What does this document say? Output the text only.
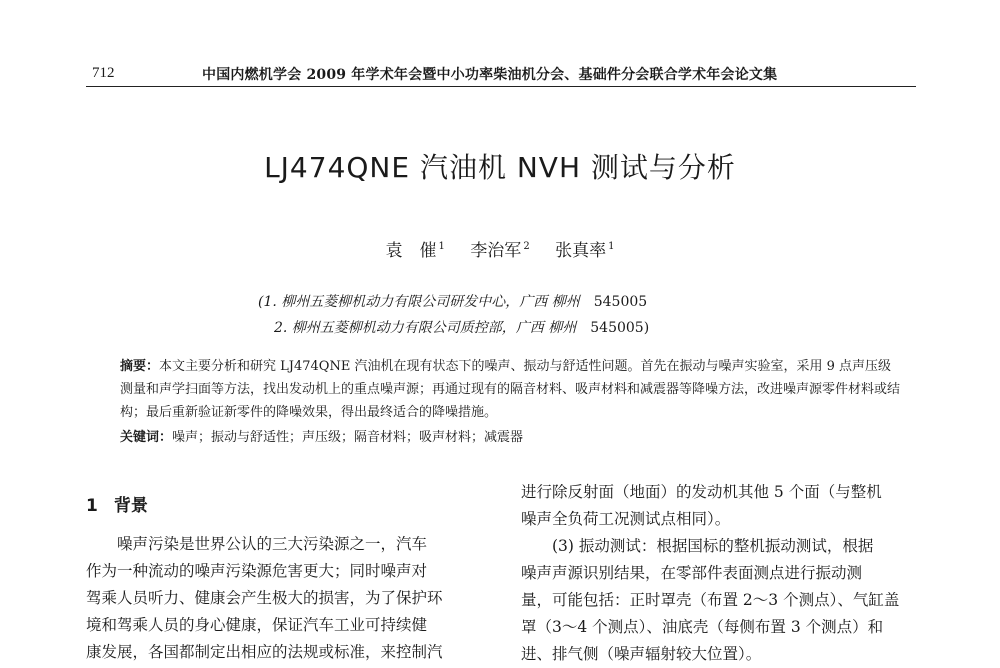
712	中国内燃机学会 2009 年学术年会暨中小功率柴油机分会、基础件分会联合学术年会论文集
LJ474QNE 汽油机 NVH 测试与分析
袁　催 $^1$ 李治军 $^2$ 张真率 $^1$
(1. 柳州五菱柳机动力有限公司研发中心，广西 柳州 545005
2. 柳州五菱柳机动力有限公司质控部，广西 柳州 545005)
摘要：本文主要分析和研究 LJ474QNE 汽油机在现有状态下的噪声、振动与舒适性问题。首先在振动与噪声实验室，采用 9 点声压级测量和声学扫面等方法，找出发动机上的重点噪声源；再通过现有的隔音材料、吸声材料和减震器等降噪方法，改进噪声源零件材料或结构；最后重新验证新零件的降噪效果，得出最终适合的降噪措施。
关键词：噪声；振动与舒适性；声压级；隔音材料；吸声材料；减震器
1 背景

噪声污染是世界公认的三大污染源之一，汽车

作为一种流动的噪声污染源危害更大；同时噪声对

驾乘人员听力、健康会产生极大的损害，为了保护环

境和驾乘人员的身心健康，保证汽车工业可持续健

康发展，各国都制定出相应的法规或标准，来控制汽

进行除反射面（地面）的发动机其他 5 个面（与整机

噪声全负荷工况测试点相同）。

(3) 振动测试：根据国标的整机振动测试，根据

噪声声源识别结果，在零部件表面测点进行振动测

量，可能包括：正时罩壳（布置 2～3 个测点）、气缸盖

罩（3～4 个测点）、油底壳（每侧布置 3 个测点）和

进、排气侧（噪声辐射较大位置）。
